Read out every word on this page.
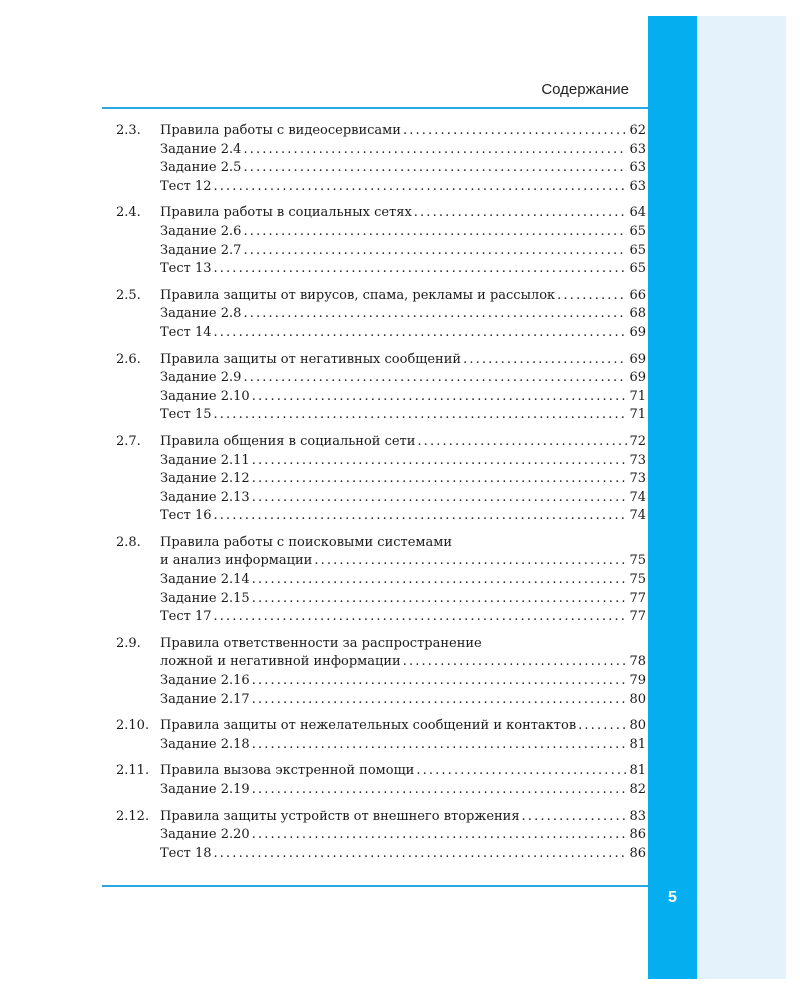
Содержание
5
2.3.	Правила работы с видеосервисами . . .	62
Задание 2.4 . . .	63
Задание 2.5 . . .	63
Тест 12 . . .	63
2.4.	Правила работы в социальных сетях . . .	64
Задание 2.6 . . .	65
Задание 2.7 . . .	65
Тест 13 . . .	65
2.5.	Правила защиты от вирусов, спама, рекламы и рассылок . . .	66
Задание 2.8 . . .	68
Тест 14 . . .	69
2.6.	Правила защиты от негативных сообщений . . .	69
Задание 2.9 . . .	69
Задание 2.10 . . .	71
Тест 15 . . .	71
2.7.	Правила общения в социальной сети . . .	72
Задание 2.11 . . .	73
Задание 2.12 . . .	73
Задание 2.13 . . .	74
Тест 16 . . .	74
2.8.	Правила работы с поисковыми системами
и анализ информации . . .	75
Задание 2.14 . . .	75
Задание 2.15 . . .	77
Тест 17 . . .	77
2.9.	Правила ответственности за распространение
ложной и негативной информации . . .	78
Задание 2.16 . . .	79
Задание 2.17 . . .	80
2.10. Правила защиты от нежелательных сообщений и контактов . . .	80
Задание 2.18 . . .	81
2.11. Правила вызова экстренной помощи . . .	81
Задание 2.19 . . .	82
2.12. Правила защиты устройств от внешнего вторжения . . .	83
Задание 2.20 . . .	86
Тест 18 . . .	86
